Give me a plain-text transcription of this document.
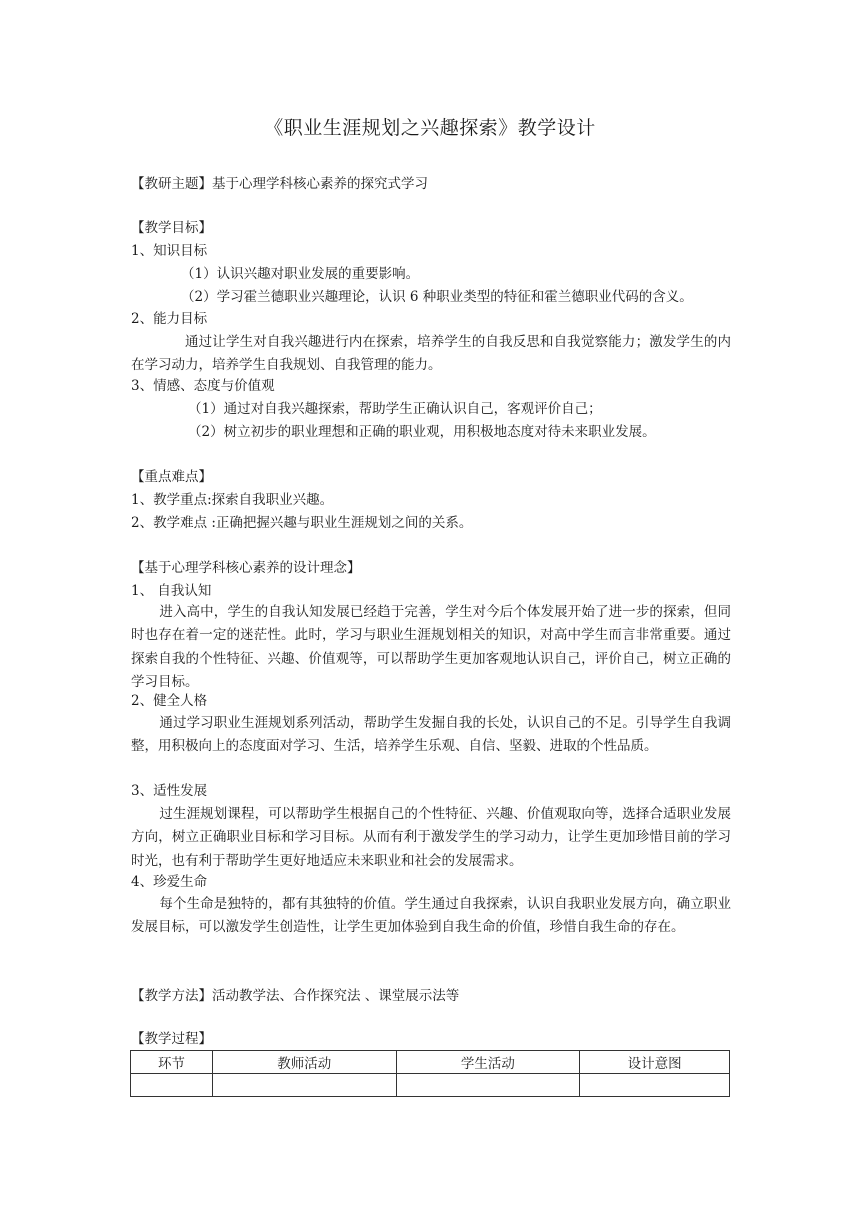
《职业生涯规划之兴趣探索》教学设计
【教研主题】基于心理学科核心素养的探究式学习
【教学目标】
1、知识目标
（1）认识兴趣对职业发展的重要影响。
（2）学习霍兰德职业兴趣理论，认识 6 种职业类型的特征和霍兰德职业代码的含义。
2、能力目标
通过让学生对自我兴趣进行内在探索，培养学生的自我反思和自我觉察能力；激发学生的内在学习动力，培养学生自我规划、自我管理的能力。
3、情感、态度与价值观
（1）通过对自我兴趣探索，帮助学生正确认识自己，客观评价自己；
（2）树立初步的职业理想和正确的职业观，用积极地态度对待未来职业发展。
【重点难点】
1、教学重点:探索自我职业兴趣。
2、教学难点 :正确把握兴趣与职业生涯规划之间的关系。
【基于心理学科核心素养的设计理念】
1、 自我认知
进入高中，学生的自我认知发展已经趋于完善，学生对今后个体发展开始了进一步的探索，但同时也存在着一定的迷茫性。此时，学习与职业生涯规划相关的知识，对高中学生而言非常重要。通过探索自我的个性特征、兴趣、价值观等，可以帮助学生更加客观地认识自己，评价自己，树立正确的学习目标。
2、健全人格
通过学习职业生涯规划系列活动，帮助学生发掘自我的长处，认识自己的不足。引导学生自我调整，用积极向上的态度面对学习、生活，培养学生乐观、自信、坚毅、进取的个性品质。
3、适性发展
过生涯规划课程，可以帮助学生根据自己的个性特征、兴趣、价值观取向等，选择合适职业发展方向，树立正确职业目标和学习目标。从而有利于激发学生的学习动力，让学生更加珍惜目前的学习时光，也有利于帮助学生更好地适应未来职业和社会的发展需求。
4、珍爱生命
每个生命是独特的，都有其独特的价值。学生通过自我探索，认识自我职业发展方向，确立职业发展目标，可以激发学生创造性，让学生更加体验到自我生命的价值，珍惜自我生命的存在。
【教学方法】活动教学法、合作探究法 、课堂展示法等
【教学过程】
环节	教师活动	学生活动	设计意图
